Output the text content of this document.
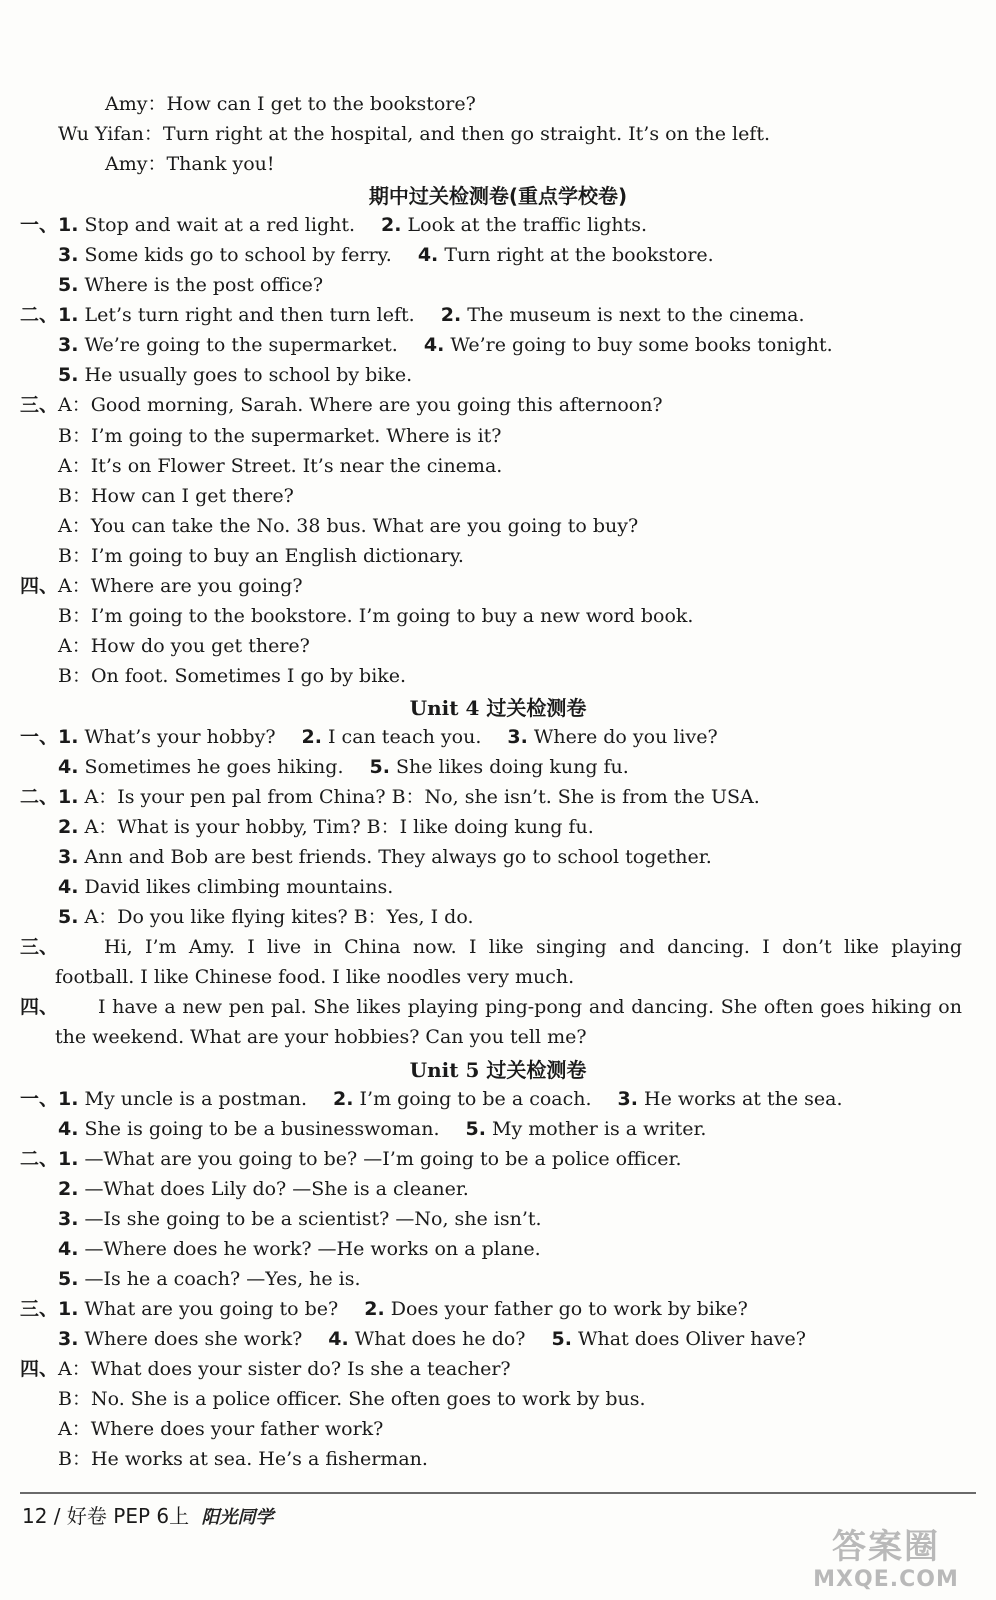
Amy：How can I get to the bookstore?
Wu Yifan：Turn right at the hospital, and then go straight. It’s on the left.
Amy：Thank you!
期中过关检测卷(重点学校卷)
一、 1. Stop and wait at a red light. 2. Look at the traffic lights.
3. Some kids go to school by ferry. 4. Turn right at the bookstore.
5. Where is the post office?
二、 1. Let’s turn right and then turn left. 2. The museum is next to the cinema.
3. We’re going to the supermarket. 4. We’re going to buy some books tonight.
5. He usually goes to school by bike.
三、 A：Good morning, Sarah. Where are you going this afternoon?
B：I’m going to the supermarket. Where is it?
A：It’s on Flower Street. It’s near the cinema.
B：How can I get there?
A：You can take the No. 38 bus. What are you going to buy?
B：I’m going to buy an English dictionary.
四、 A：Where are you going?
B：I’m going to the bookstore. I’m going to buy a new word book.
A：How do you get there?
B：On foot. Sometimes I go by bike.
Unit 4 过关检测卷
一、 1. What’s your hobby? 2. I can teach you. 3. Where do you live?
4. Sometimes he goes hiking. 5. She likes doing kung fu.
二、 1. A：Is your pen pal from China? B：No, she isn’t. She is from the USA.
2. A：What is your hobby, Tim? B：I like doing kung fu.
3. Ann and Bob are best friends. They always go to school together.
4. David likes climbing mountains.
5. A：Do you like flying kites? B：Yes, I do.
三、 Hi, I’m Amy. I live in China now. I like singing and dancing. I don’t like playing
football. I like Chinese food. I like noodles very much.
四、 I have a new pen pal. She likes playing ping-pong and dancing. She often goes hiking on
the weekend. What are your hobbies? Can you tell me?
Unit 5 过关检测卷
一、 1. My uncle is a postman. 2. I’m going to be a coach. 3. He works at the sea.
4. She is going to be a businesswoman. 5. My mother is a writer.
二、 1. —What are you going to be? —I’m going to be a police officer.
2. —What does Lily do? —She is a cleaner.
3. —Is she going to be a scientist? —No, she isn’t.
4. —Where does he work? —He works on a plane.
5. —Is he a coach? —Yes, he is.
三、 1. What are you going to be? 2. Does your father go to work by bike?
3. Where does she work? 4. What does he do? 5. What does Oliver have?
四、 A：What does your sister do? Is she a teacher?
B：No. She is a police officer. She often goes to work by bus.
A：Where does your father work?
B：He works at sea. He’s a fisherman.
12 / 好卷 PEP 6上 阳光同学
答案圈
MXQE.COM
